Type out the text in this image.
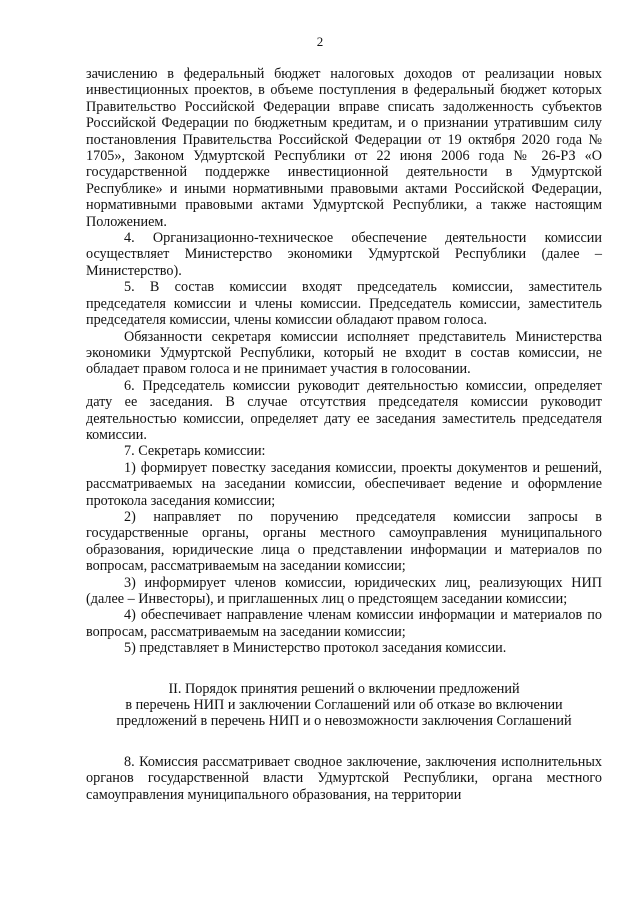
2

зачислению в федеральный бюджет налоговых доходов от реализации новых инвестиционных проектов, в объеме поступления в федеральный бюджет которых Правительство Российской Федерации вправе списать задолженность субъектов Российской Федерации по бюджетным кредитам, и о признании утратившим силу постановления Правительства Российской Федерации от 19 октября 2020 года № 1705», Законом Удмуртской Республики от 22 июня 2006 года № 26-РЗ «О государственной поддержке инвестиционной деятельности в Удмуртской Республике» и иными нормативными правовыми актами Российской Федерации, нормативными правовыми актами Удмуртской Республики, а также настоящим Положением.

4. Организационно-техническое обеспечение деятельности комиссии осуществляет Министерство экономики Удмуртской Республики (далее – Министерство).

5. В состав комиссии входят председатель комиссии, заместитель председателя комиссии и члены комиссии. Председатель комиссии, заместитель председателя комиссии, члены комиссии обладают правом голоса.

Обязанности секретаря комиссии исполняет представитель Министерства экономики Удмуртской Республики, который не входит в состав комиссии, не обладает правом голоса и не принимает участия в голосовании.

6. Председатель комиссии руководит деятельностью комиссии, определяет дату ее заседания. В случае отсутствия председателя комиссии руководит деятельностью комиссии, определяет дату ее заседания заместитель председателя комиссии.

7. Секретарь комиссии:

1) формирует повестку заседания комиссии, проекты документов и решений, рассматриваемых на заседании комиссии, обеспечивает ведение и оформление протокола заседания комиссии;

2) направляет по поручению председателя комиссии запросы в государственные органы, органы местного самоуправления муниципального образования, юридические лица о представлении информации и материалов по вопросам, рассматриваемым на заседании комиссии;

3) информирует членов комиссии, юридических лиц, реализующих НИП (далее – Инвесторы), и приглашенных лиц о предстоящем заседании комиссии;

4) обеспечивает направление членам комиссии информации и материалов по вопросам, рассматриваемым на заседании комиссии;

5) представляет в Министерство протокол заседания комиссии.

II. Порядок принятия решений о включении предложений
в перечень НИП и заключении Соглашений или об отказе во включении
предложений в перечень НИП и о невозможности заключения Соглашений

8. Комиссия рассматривает сводное заключение, заключения исполнительных органов государственной власти Удмуртской Республики, органа местного самоуправления муниципального образования, на территории
